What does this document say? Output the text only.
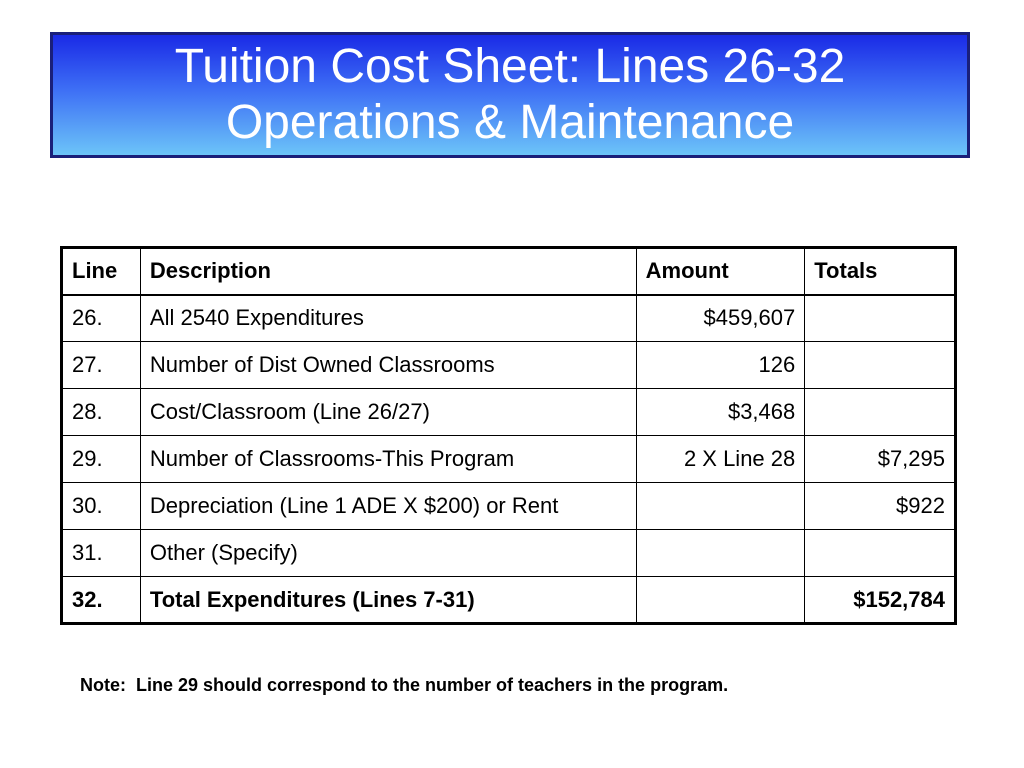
Tuition Cost Sheet: Lines 26-32
Operations & Maintenance
Line	Description	Amount	Totals
26.	All 2540 Expenditures	$459,607	
27.	Number of Dist Owned Classrooms	126	
28.	Cost/Classroom (Line 26/27)	$3,468	
29.	Number of Classrooms-This Program	2 X Line 28	$7,295
30.	Depreciation (Line 1 ADE X $200) or Rent		$922
31.	Other (Specify)		
32.	Total Expenditures (Lines 7-31)		$152,784
Note:  Line 29 should correspond to the number of teachers in the program.
